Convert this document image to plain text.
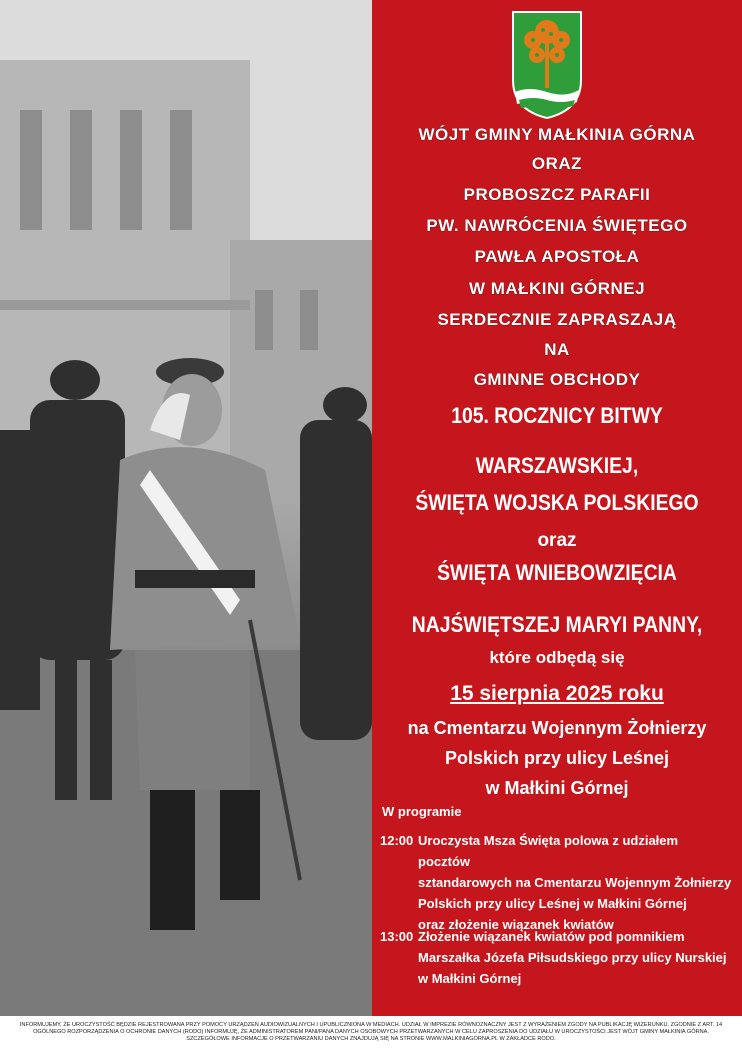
WÓJT GMINY MAŁKINIA GÓRNA
ORAZ
PROBOSZCZ PARAFII
PW. NAWRÓCENIA ŚWIĘTEGO
PAWŁA APOSTOŁA
W MAŁKINI GÓRNEJ
SERDECZNIE ZAPRASZAJĄ
NA
GMINNE OBCHODY
105. ROCZNICY BITWY
WARSZAWSKIEJ,
ŚWIĘTA WOJSKA POLSKIEGO
oraz
ŚWIĘTA WNIEBOWZIĘCIA
NAJŚWIĘTSZEJ MARYI PANNY,
które odbędą się
15 sierpnia 2025 roku
na Cmentarzu Wojennym Żołnierzy
Polskich przy ulicy Leśnej
w Małkini Górnej
W programie
12:00 Uroczysta Msza Święta polowa z udziałem pocztów
sztandarowych na Cmentarzu Wojennym Żołnierzy
Polskich przy ulicy Leśnej w Małkini Górnej
oraz złożenie wiązanek kwiatów
13:00 Złożenie wiązanek kwiatów pod pomnikiem
Marszałka Józefa Piłsudskiego przy ulicy Nurskiej
w Małkini Górnej
INFORMUJEMY, ŻE UROCZYSTOŚĆ BĘDZIE REJESTROWANA PRZY POMOCY URZĄDZEŃ AUDIOWIZUALNYCH I UPUBLICZNIONA W MEDIACH. UDZIAŁ W IMPREZIE RÓWNOZNACZNY JEST Z WYRAŻENIEM ZGODY NA PUBLIKACJĘ WIZERUNKU. ZGODNIE Z ART. 14
OGÓLNEGO ROZPORZĄDZENIA O OCHRONIE DANYCH (RODO) INFORMUJĘ, ŻE ADMINISTRATOREM PANI/PANA DANYCH OSOBOWYCH PRZETWARZANYCH W CELU ZAPROSZENIA DO UDZIAŁU W UROCZYSTOŚCI JEST WÓJT GMINY MAŁKINIA GÓRNA.
SZCZEGÓŁOWE INFORMACJE O PRZETWARZANIU DANYCH ZNAJDUJĄ SIĘ NA STRONIE WWW.MALKINIAGORNA.PL W ZAKŁADCE RODO.
